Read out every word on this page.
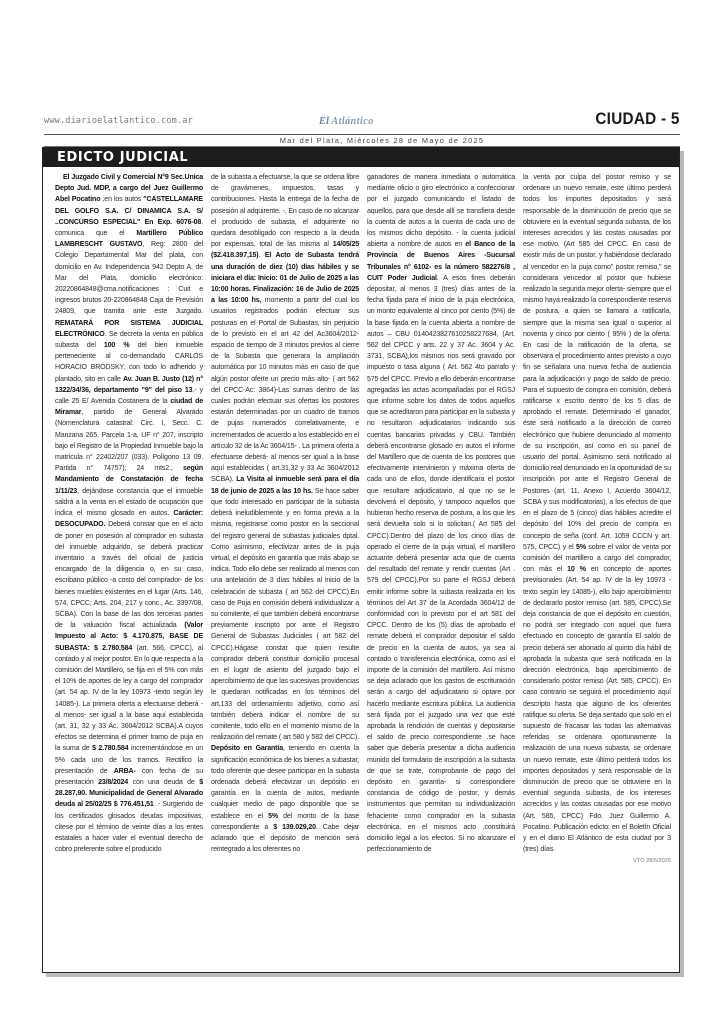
www.diarioelatlantico.com.ar	El Atlántico	CIUDAD - 5
Mar del Plata, Miércoles 28 de Mayo de 2025
EDICTO JUDICIAL

El Juzgado Civil y Comercial N°9 Sec.Unica Depto Jud. MDP, a cargo del Juez Guillermo Abel Pocatino ,en los autos "CASTELLAMARE DEL GOLFO S.A. C/ DINAMICA S.A. S/ ..CONCURSO ESPECIAL" En Exp. 6076-08. comunica que el Martillero Público LAMBRESCHT GUSTAVO, Reg: 2800 del Colegio Departamental Mar del plata, con domicilio en Av. Independencia 942 Depto A, de Mar del Plata, domicilio electrónico: 20220864848@cma.notificaciones : Cuit e ingresos brutos 20-220864848 Caja de Previsión 24809, que tramita ante este Juzgado. REMATARÁ POR SISTEMA JUDICIAL ELECTRÓNICO. Se decreta la venta en pública subasta del 100 % del bien inmueble perteneciente al co-demandado CARLOS HORACIO BRODSKY, con todo lo adherido y plantado, sito en calle Av. Juan B. Justo (12) n° 1322/34/36, departamento "9" del piso 13.- y calle 25 E/ Avenida Costanera de la ciudad de Miramar, partido de General Alvarado (Nomenclatura catastral: Circ. I, Secc. C. Manzana 265, Parcela 1-a, UF n° 207, inscripto bajo el Registro de la Propiedad Inmueble bajo la matrícula n° 22402/207 (033). Polígono 13 09. Partida n° 74757); 24 mts2., según Mandamiento de Constatación de fecha 1/11/23, dejándose constancia que el inmueble saldrá a la venta en el estado de ocupación que indica el mismo glosado en autos. Carácter: DESOCUPADO. Deberá constar que en el acto de poner en posesión al comprador en subasta del inmueble adquirido, se deberá practicar inventario a través del oficial de justicia encargado de la diligencia o, en su caso, escribano público -a costo del comprador- de los bienes muebles existentes en el lugar (Arts. 146, 574, CPCC; Arts. 204, 217 y conc., Ac. 3397/08, SCBA). Con la base de las dos terceras partes de la valuación fiscal actualizada (Valor Impuesto al Acto: $ 4.170.875, BASE DE SUBASTA: $ 2.780.584 (art. 566, CPCC), al contado y al mejor postor. En lo que respecta a la comisión del Martillero, se fija en el 5% con más el 10% de aportes de ley a cargo del comprador (art. 54 ap. IV de la ley 10973 -texto según ley 14085-). La primera oferta a efectuarse deberá -al menos- ser igual a la base aquí establecida (art. 31, 32 y 33 Ac. 3604/2012 SCBA).A cuyos efectos se determina el primer tramo de puja en la suma de $ 2.780.584 incrementándose en un 5% cada uno de los tramos. Rectifico la presentación de ARBA- con fecha de su presentación 23/8/2024 con una deuda de $ 28.287,90. Municipalidad de General Alvarado deuda al 25/02/25 $ 776.451,51 .- Surgiendo de los certificados glosados deudas impositivas, cítese por el término de veinte días a los entes estatales a hacer valer el eventual derecho de cobro preferente sobre el producido

de la subasta a efectuarse, la que se ordena libre de gravámenes, impuestos, tasas y contribuciones. Hasta la entrega de la fecha de posesión al adquirente. -. En caso de no alcanzar el producido de subasta, el adquirente no quedara desobligado con respecto a la deuda por expensas, total de las misma al 14/05/25 ($2.418.397,15). El Acto de Subasta tendrá una duración de diez (10) días hábiles y se iniciara el día: Inicio: 01 de Julio de 2025 a las 10:00 horas. Finalización: 16 de Julio de 2025 a las 10:00 hs, momento a partir del cual los usuarios registrados podrán efectuar sus posturas en el Portal de Subastas, sin perjuicio de lo previsto en el art 42 del Ac3604/2012- espacio de tiempo de 3 minutos previos al cierre de la Subasta que generara la ampliación automática por 10 minutos más en caso de que algún postor oferte un precio más alto- ( art 562 del CPCC-Ac: 3864)-Las sumas dentro de las cuales podrán efectuar sus ofertas los postores estarán determinadas por un cuadro de tramos de pujas numerados correlativamente, e incrementados de acuerdo a los establecido en el artículo 32 de la Ac 3604/15- . La primera oferta a efectuarse deberá- al menos ser igual a la base aquí establecidas ( art.31,32 y 33 Ac 3604/2012 SCBA). La Visita al inmueble será para el día 18 de junio de 2025 a las 10 hs. Se hace saber que todo interesado en participar de la subasta deberá ineludiblemente y en forma previa a la misma, registrarse como postor en la seccional del registro general de subastas judiciales dptal. Como asimismo, efectivizar antes de la puja virtual, el depósito en garantía que más abajo se indica. Todo ello debe ser realizado al menos con una antelación de 3 días hábiles al inicio de la celebración de subasta ( art 562 del CPCC).En caso de Puja en comisión deberá individualizar a su comitente, el que también deberá encontrarse previamente inscripto por ante el Registro General de Subastas Judiciales ( art 582 del CPCC).Hágase constar que quien resulte comprador deberá constituir domicilio procesal en el lugar de asiento del juzgado bajo el apercibimiento de que las sucesivas providencias le quedaran notificadas en los términos del art,133 del ordenamiento adjetivo, como así también deberá indicar el nombre de su comitente, todo ello en el momento mismo de la realización del remate ( art 580 y 582 del CPCC). Depósito en Garantía, teniendo en cuenta la significación económica de los bienes a subastar, todo oferente que desee participar en la subasta ordenada deberá efectivizar un depósito en garantía en la cuenta de autos, mediante cualquier medio de pago disponible que se establece en el 5% del monto de la base correspondiente a $ 139.029,20. Cabe dejar aclarado que el depósito de mención será reintegrado a los oferentes no

ganadores de manera inmediata o automática mediante oficio o giro electrónico a confeccionar por el juzgado comunicando el listado de aquellos, para que desde allí se transfiera desde la cuenta de autos a la cuenta de cada uno de los mismos dicho depósito. - la cuenta judicial abierta a nombre de autos en el Banco de la Provincia de Buenos Aires -Sucursal Tribunales n° 6102- es la número 582276/8 , CUIT Poder Judicial. A esos fines deberán depositar, al menos 3 (tres) días antes de la fecha fijada para el inicio de la puja electrónica, un monto equivalente al cinco por ciento (5%) de la base fijada en la cuenta abierta a nombre de autos – CBU 0140423827610258227684, (Art. 562 del CPCC y arts. 22 y 37 Ac. 3604 y Ac. 3731, SCBA),los mismos nos será gravado por impuesto o tasa alguna ( Art. 562 4to parrafo y 575 del CPCC. Previo a ello deberán encontrarse agregadas las actas acompañadas por el RGSJ que informe sobre los datos de todos aquellos que se acreditaron para participar en la subasta y no resultaron adjudicatarios indicando sus cuentas bancarias privadas y CBU. También deberá encontrarse glosado en autos el informe del Martillero que de cuenta de los postores que efectivamente intervinieron y máxima oferta de cada uno de ellos, donde identificara el postor que resultare adjudicatario, al que no se le devolverá el depósito, y tampoco aquellos que hubieran hecho reserva de postura, a los que les será devuelta solo si lo solicitan.( Art 585 del CPCC).Dentro del plazo de los cinco días de operado el cierre de la puja virtual, el martillero actuante deberá presentar acta que de cuenta del resultado del remate y rendir cuentas (Art . 579 del CPCC).Por su parte el RGSJ deberá emitir informe sobre la subasta realizada en los términos del Art 37 de la Acordada 3604/12 de conformidad con lo previsto por el art 581 del CPCC. Dentro de los (5) días de aprobado el remate deberá el comprador depositar el saldo de precio en la cuenta de autos, ya sea al contado o transferencia electrónica, como así el importe de la comisión del martillero. Así mismo se deja aclarado que los gastos de escrituración serán a cargo del adjudicatario si optare por hacerlo mediante escritura pública. La audiencia será fijada por el juzgado una vez que esté aprobada la rendición de cuentas y depositarse el saldo de precio correspondiente .se hace saber que debería presentar a dicha audiencia munido del formulario de inscripción a la subasta de que se trate, comprobante de pago del depósito en garantía- si correspondiere constancia de código de postor, y demás instrumentos que permitan su individualización fehaciente como comprador en la subasta electrónica. en el mismos acto ,constituirá domicilio legal a los efectos. Si no alcanzare el perfeccionamiento de

la venta por culpa del postor remiso y se ordenare un nuevo remate, este último perderá todos los importes depositados y será responsable de la disminución de precio que se obtuviere en la eventual segunda subasta, de los intereses acrecidos y las costas causadas por ese motivo. (Art 585 del CPCC. En caso de existir más de un postor, y habiéndose declarado al vencedor en la puja como" postor remiso," se considerara vencedor al postor que hubiese realizado la segunda mejor oferta- siempre que el mismo haya realizado la correspondiente reserva de postura, a quien se llamara a ratificarla, siempre que la misma sea igual o superior al noventa y cinco por ciento ( 95% ) de la oferta. En casi de la ratificación de la oferta, se observara el procedimiento antes previsto a cuyo fin se señalara una nueva fecha de audiencia para la adjudicación y pago de saldo de precio. Para el supuesto de compra en comisión, deberá ratificarse x escrito dentro de los 5 días de aprobado el remate. Determinado el ganador, éste será notificado a la dirección de correo electrónico que hubiere denunciado al momento de su inscripción, así como en su panel de usuario del portal. Asimismo será notificado al domicilio real denunciado en la oportunidad de su inscripción por ante el Registro General de Postores (art. 11, Anexo I, Acuerdo 3604/12, SCBA y sus modificatorias), a los efectos de que en el plazo de 5 (cinco) días hábiles acredite el depósito del 10% del precio de compra en concepto de seña (conf. Art. 1059 CCCN y art. 575, CPCC) y el 5% sobre el valor de venta por comisión del martillero a cargo del comprador, con más el 10 % en concepto de aportes previsionales (Art. 54 ap. IV de la ley 10973 -texto según ley 14085-), ello bajo apercibimiento de declararlo postor remiso (art. 585, CPCC).Se deja constancia de que el depósito en cuestión, no podrá ser integrado con aquel que fuera efectuado en concepto de garantía El saldo de precio deberá ser abonado al quinto día hábil de aprobada la subasta que será notificada en la dirección electrónica, bajo apercibimiento de considerarlo postor remiso (Art. 585, CPCC). En caso contrario se seguirá el procedimiento aquí descripto hasta que alguno de los oferentes ratifique su oferta. Se deja sentado que solo en el supuesto de fracasar las todas las alternativas referidas se ordenara oportunamente la realización de una nueva subasta. se ordenare un nuevo remate, este último perderá todos los importes depositados y será responsable de la disminución de precio que se obtuviere en la eventual segunda subasta, de los intereses acrecidos y las costas causadas por ese motivo (Art. 585, CPCC) Fdo. Juez Guillermo A. Pocatino. Publicación edicto: en el Boletín Oficial y en el diario El Atlántico de esta ciudad por 3 (tres) días.

VTO 28/5/2025
